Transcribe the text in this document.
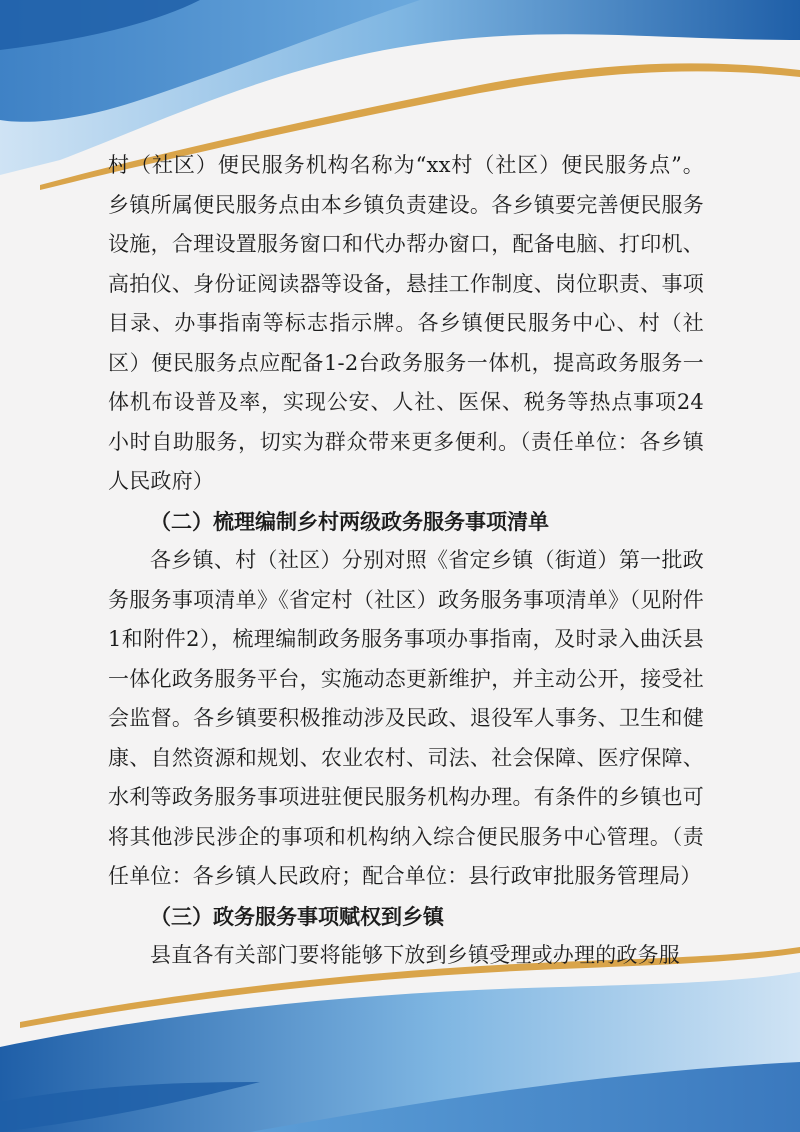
村（社区）便民服务机构名称为“xx村（社区）便民服务点”。乡镇所属便民服务点由本乡镇负责建设。各乡镇要完善便民服务设施，合理设置服务窗口和代办帮办窗口，配备电脑、打印机、高拍仪、身份证阅读器等设备，悬挂工作制度、岗位职责、事项目录、办事指南等标志指示牌。各乡镇便民服务中心、村（社区）便民服务点应配备1-2台政务服务一体机，提高政务服务一体机布设普及率，实现公安、人社、医保、税务等热点事项24小时自助服务，切实为群众带来更多便利。（责任单位：各乡镇人民政府）

（二）梳理编制乡村两级政务服务事项清单

各乡镇、村（社区）分别对照《省定乡镇（街道）第一批政务服务事项清单》《省定村（社区）政务服务事项清单》（见附件1和附件2），梳理编制政务服务事项办事指南，及时录入曲沃县一体化政务服务平台，实施动态更新维护，并主动公开，接受社会监督。各乡镇要积极推动涉及民政、退役军人事务、卫生和健康、自然资源和规划、农业农村、司法、社会保障、医疗保障、水利等政务服务事项进驻便民服务机构办理。有条件的乡镇也可将其他涉民涉企的事项和机构纳入综合便民服务中心管理。（责任单位：各乡镇人民政府；配合单位：县行政审批服务管理局）

（三）政务服务事项赋权到乡镇

县直各有关部门要将能够下放到乡镇受理或办理的政务服
